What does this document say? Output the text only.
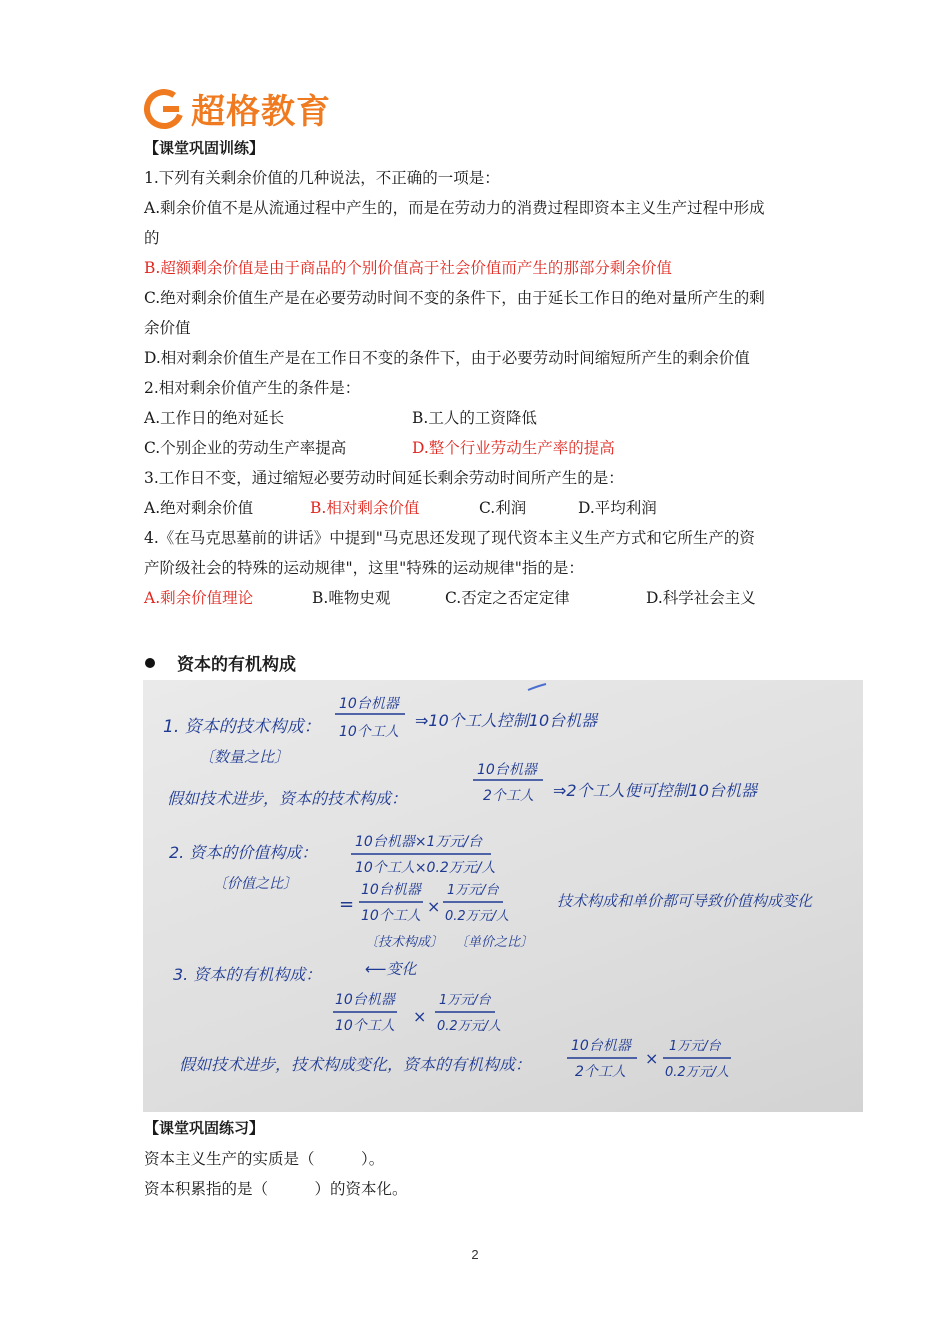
超格教育
【课堂巩固训练】
1.下列有关剩余价值的几种说法，不正确的一项是：
A.剩余价值不是从流通过程中产生的，而是在劳动力的消费过程即资本主义生产过程中形成
的
B.超额剩余价值是由于商品的个别价值高于社会价值而产生的那部分剩余价值
C.绝对剩余价值生产是在必要劳动时间不变的条件下，由于延长工作日的绝对量所产生的剩
余价值
D.相对剩余价值生产是在工作日不变的条件下，由于必要劳动时间缩短所产生的剩余价值
2.相对剩余价值产生的条件是：
A.工作日的绝对延长	B.工人的工资降低
C.个别企业的劳动生产率提高	D.整个行业劳动生产率的提高
3.工作日不变，通过缩短必要劳动时间延长剩余劳动时间所产生的是：
A.绝对剩余价值	B.相对剩余价值	C.利润	D.平均利润
4.《在马克思墓前的讲话》中提到"马克思还发现了现代资本主义生产方式和它所生产的资
产阶级社会的特殊的运动规律"，这里"特殊的运动规律"指的是：
A.剩余价值理论	B.唯物史观	C.否定之否定定律	D.科学社会主义
资本的有机构成
1. 资本的技术构成：
10台机器
10个工人
⇒10个工人控制10台机器
〔数量之比〕
假如技术进步，资本的技术构成：
10台机器
2个工人 ⇒2个工人便可控制10台机器
2. 资本的价值构成：
10台机器×1万元/台
10个工人×0.2万元/人
〔价值之比〕
=
10台机器
10个工人 ×
1万元/台
0.2万元/人
技术构成和单价都可导致价值构成变化
〔技术构成〕 〔单价之比〕
3. 资本的有机构成：	⟵变化
10台机器
10个工人 ×
1万元/台
0.2万元/人
假如技术进步，技术构成变化，资本的有机构成：
10台机器
2个工人
×
1万元/台
0.2万元/人
【课堂巩固练习】
资本主义生产的实质是（　　　）。
资本积累指的是（　　　）的资本化。
2
